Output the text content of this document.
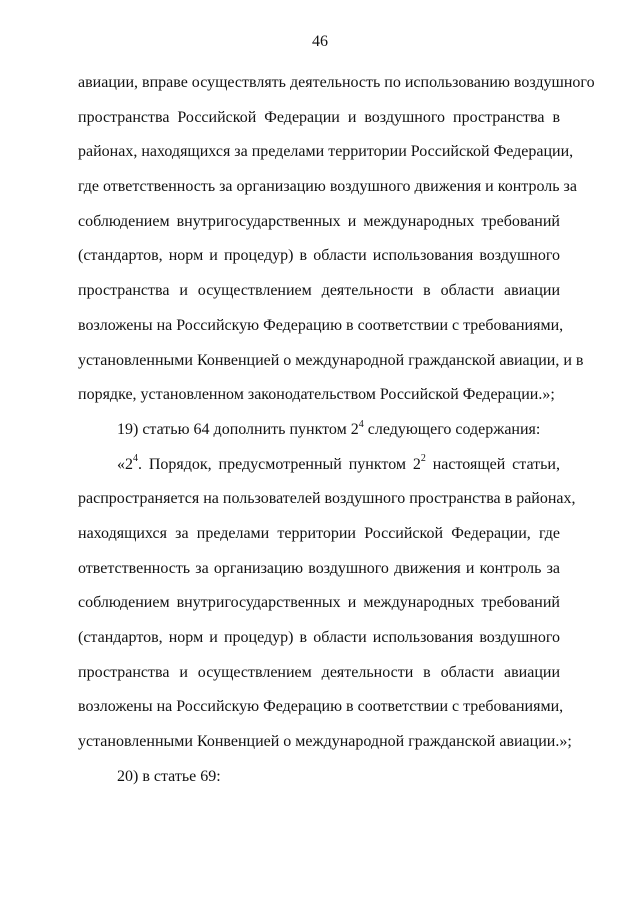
46
авиации, вправе осуществлять деятельность по использованию воздушного
пространства Российской Федерации и воздушного пространства в
районах, находящихся за пределами территории Российской Федерации,
где ответственность за организацию воздушного движения и контроль за
соблюдением внутригосударственных и международных требований
(стандартов, норм и процедур) в области использования воздушного
пространства и осуществлением деятельности в области авиации
возложены на Российскую Федерацию в соответствии с требованиями,
установленными Конвенцией о международной гражданской авиации, и в
порядке, установленном законодательством Российской Федерации.»;
19) статью 64 дополнить пунктом $2^4$ следующего содержания:
«$2^4$. Порядок, предусмотренный пунктом $2^2$ настоящей статьи,
распространяется на пользователей воздушного пространства в районах,
находящихся за пределами территории Российской Федерации, где
ответственность за организацию воздушного движения и контроль за
соблюдением внутригосударственных и международных требований
(стандартов, норм и процедур) в области использования воздушного
пространства и осуществлением деятельности в области авиации
возложены на Российскую Федерацию в соответствии с требованиями,
установленными Конвенцией о международной гражданской авиации.»;
20) в статье 69:
